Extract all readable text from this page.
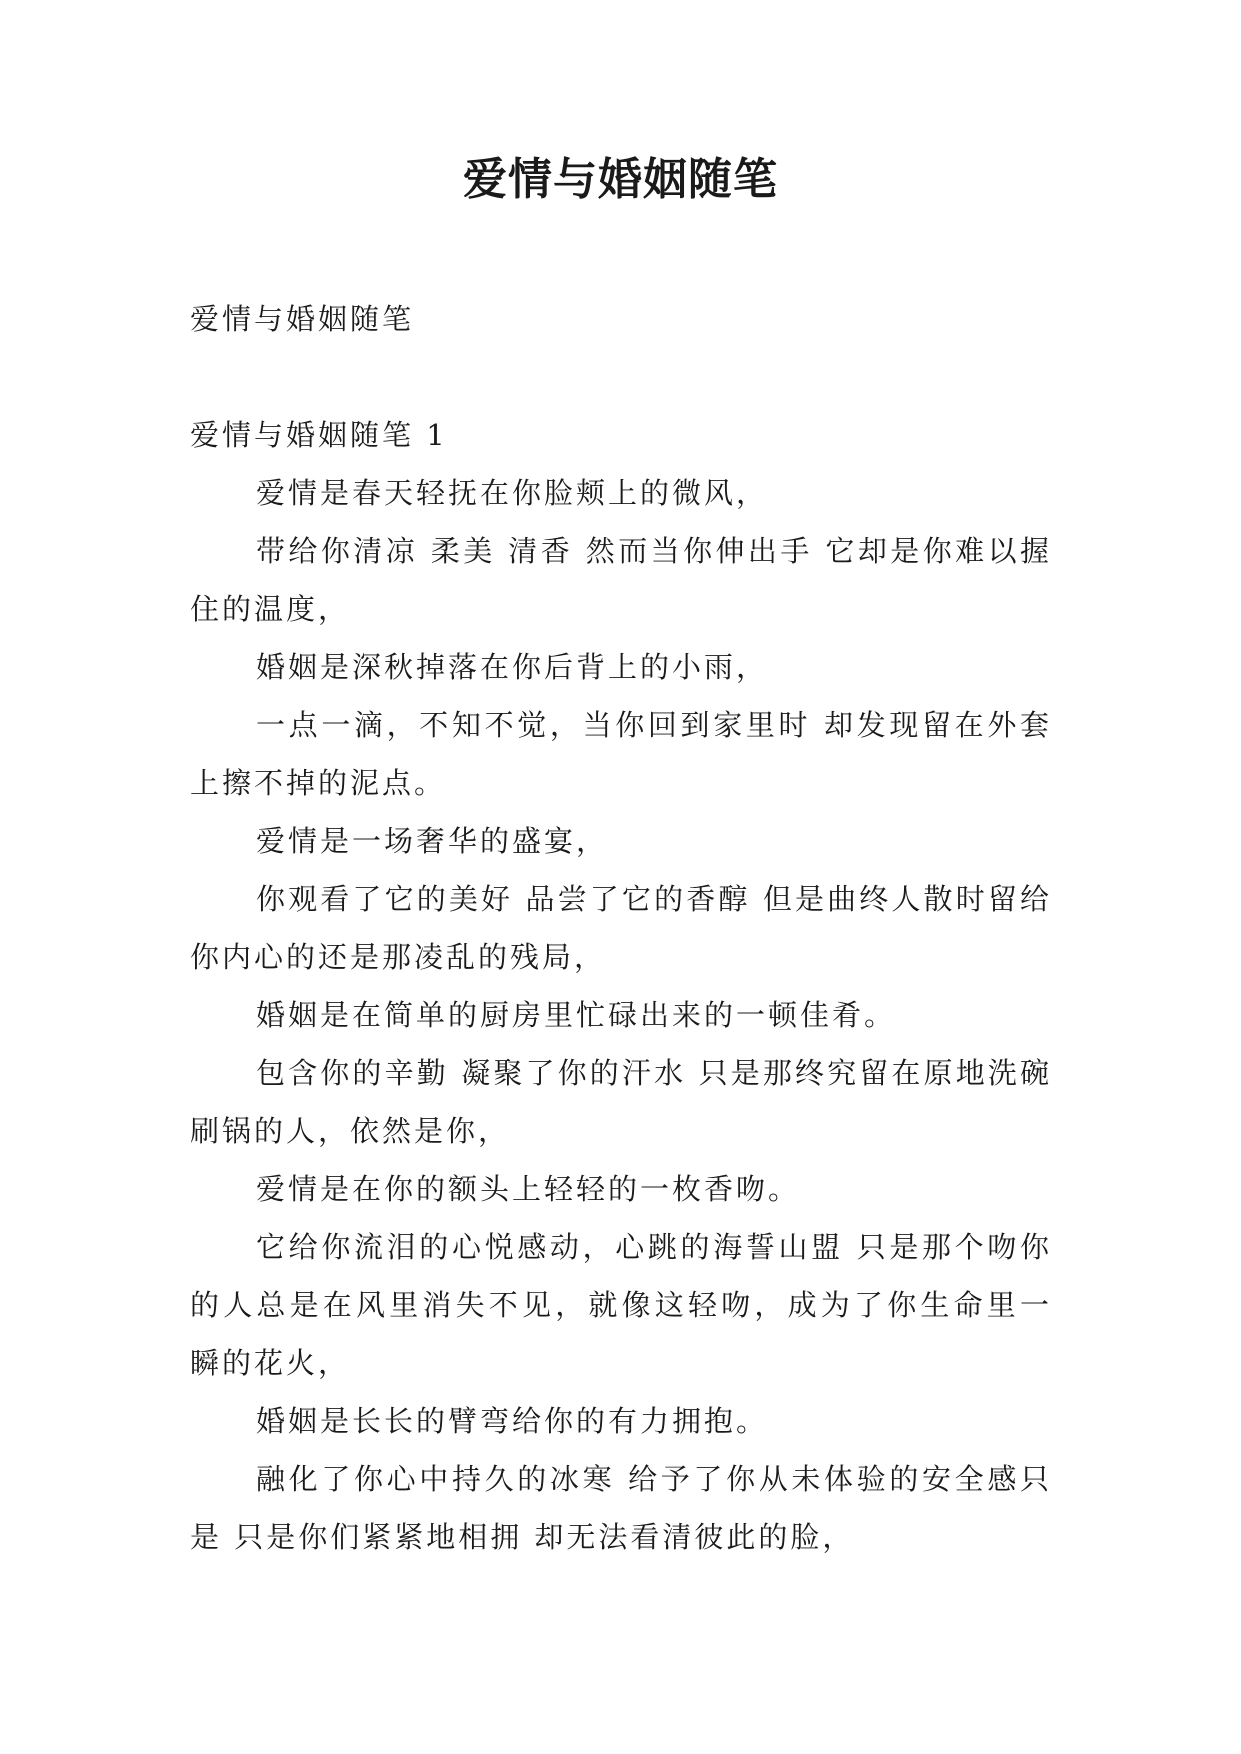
爱情与婚姻随笔

爱情与婚姻随笔

爱情与婚姻随笔 1

爱情是春天轻抚在你脸颊上的微风，

带给你清凉 柔美 清香 然而当你伸出手 它却是你难以握住的温度，

婚姻是深秋掉落在你后背上的小雨，

一点一滴，不知不觉，当你回到家里时 却发现留在外套上擦不掉的泥点。

爱情是一场奢华的盛宴，

你观看了它的美好 品尝了它的香醇 但是曲终人散时留给你内心的还是那凌乱的残局，

婚姻是在简单的厨房里忙碌出来的一顿佳肴。

包含你的辛勤 凝聚了你的汗水 只是那终究留在原地洗碗刷锅的人，依然是你，

爱情是在你的额头上轻轻的一枚香吻。

它给你流泪的心悦感动，心跳的海誓山盟 只是那个吻你的人总是在风里消失不见，就像这轻吻，成为了你生命里一瞬的花火，

婚姻是长长的臂弯给你的有力拥抱。

融化了你心中持久的冰寒 给予了你从未体验的安全感只是 只是你们紧紧地相拥 却无法看清彼此的脸，
